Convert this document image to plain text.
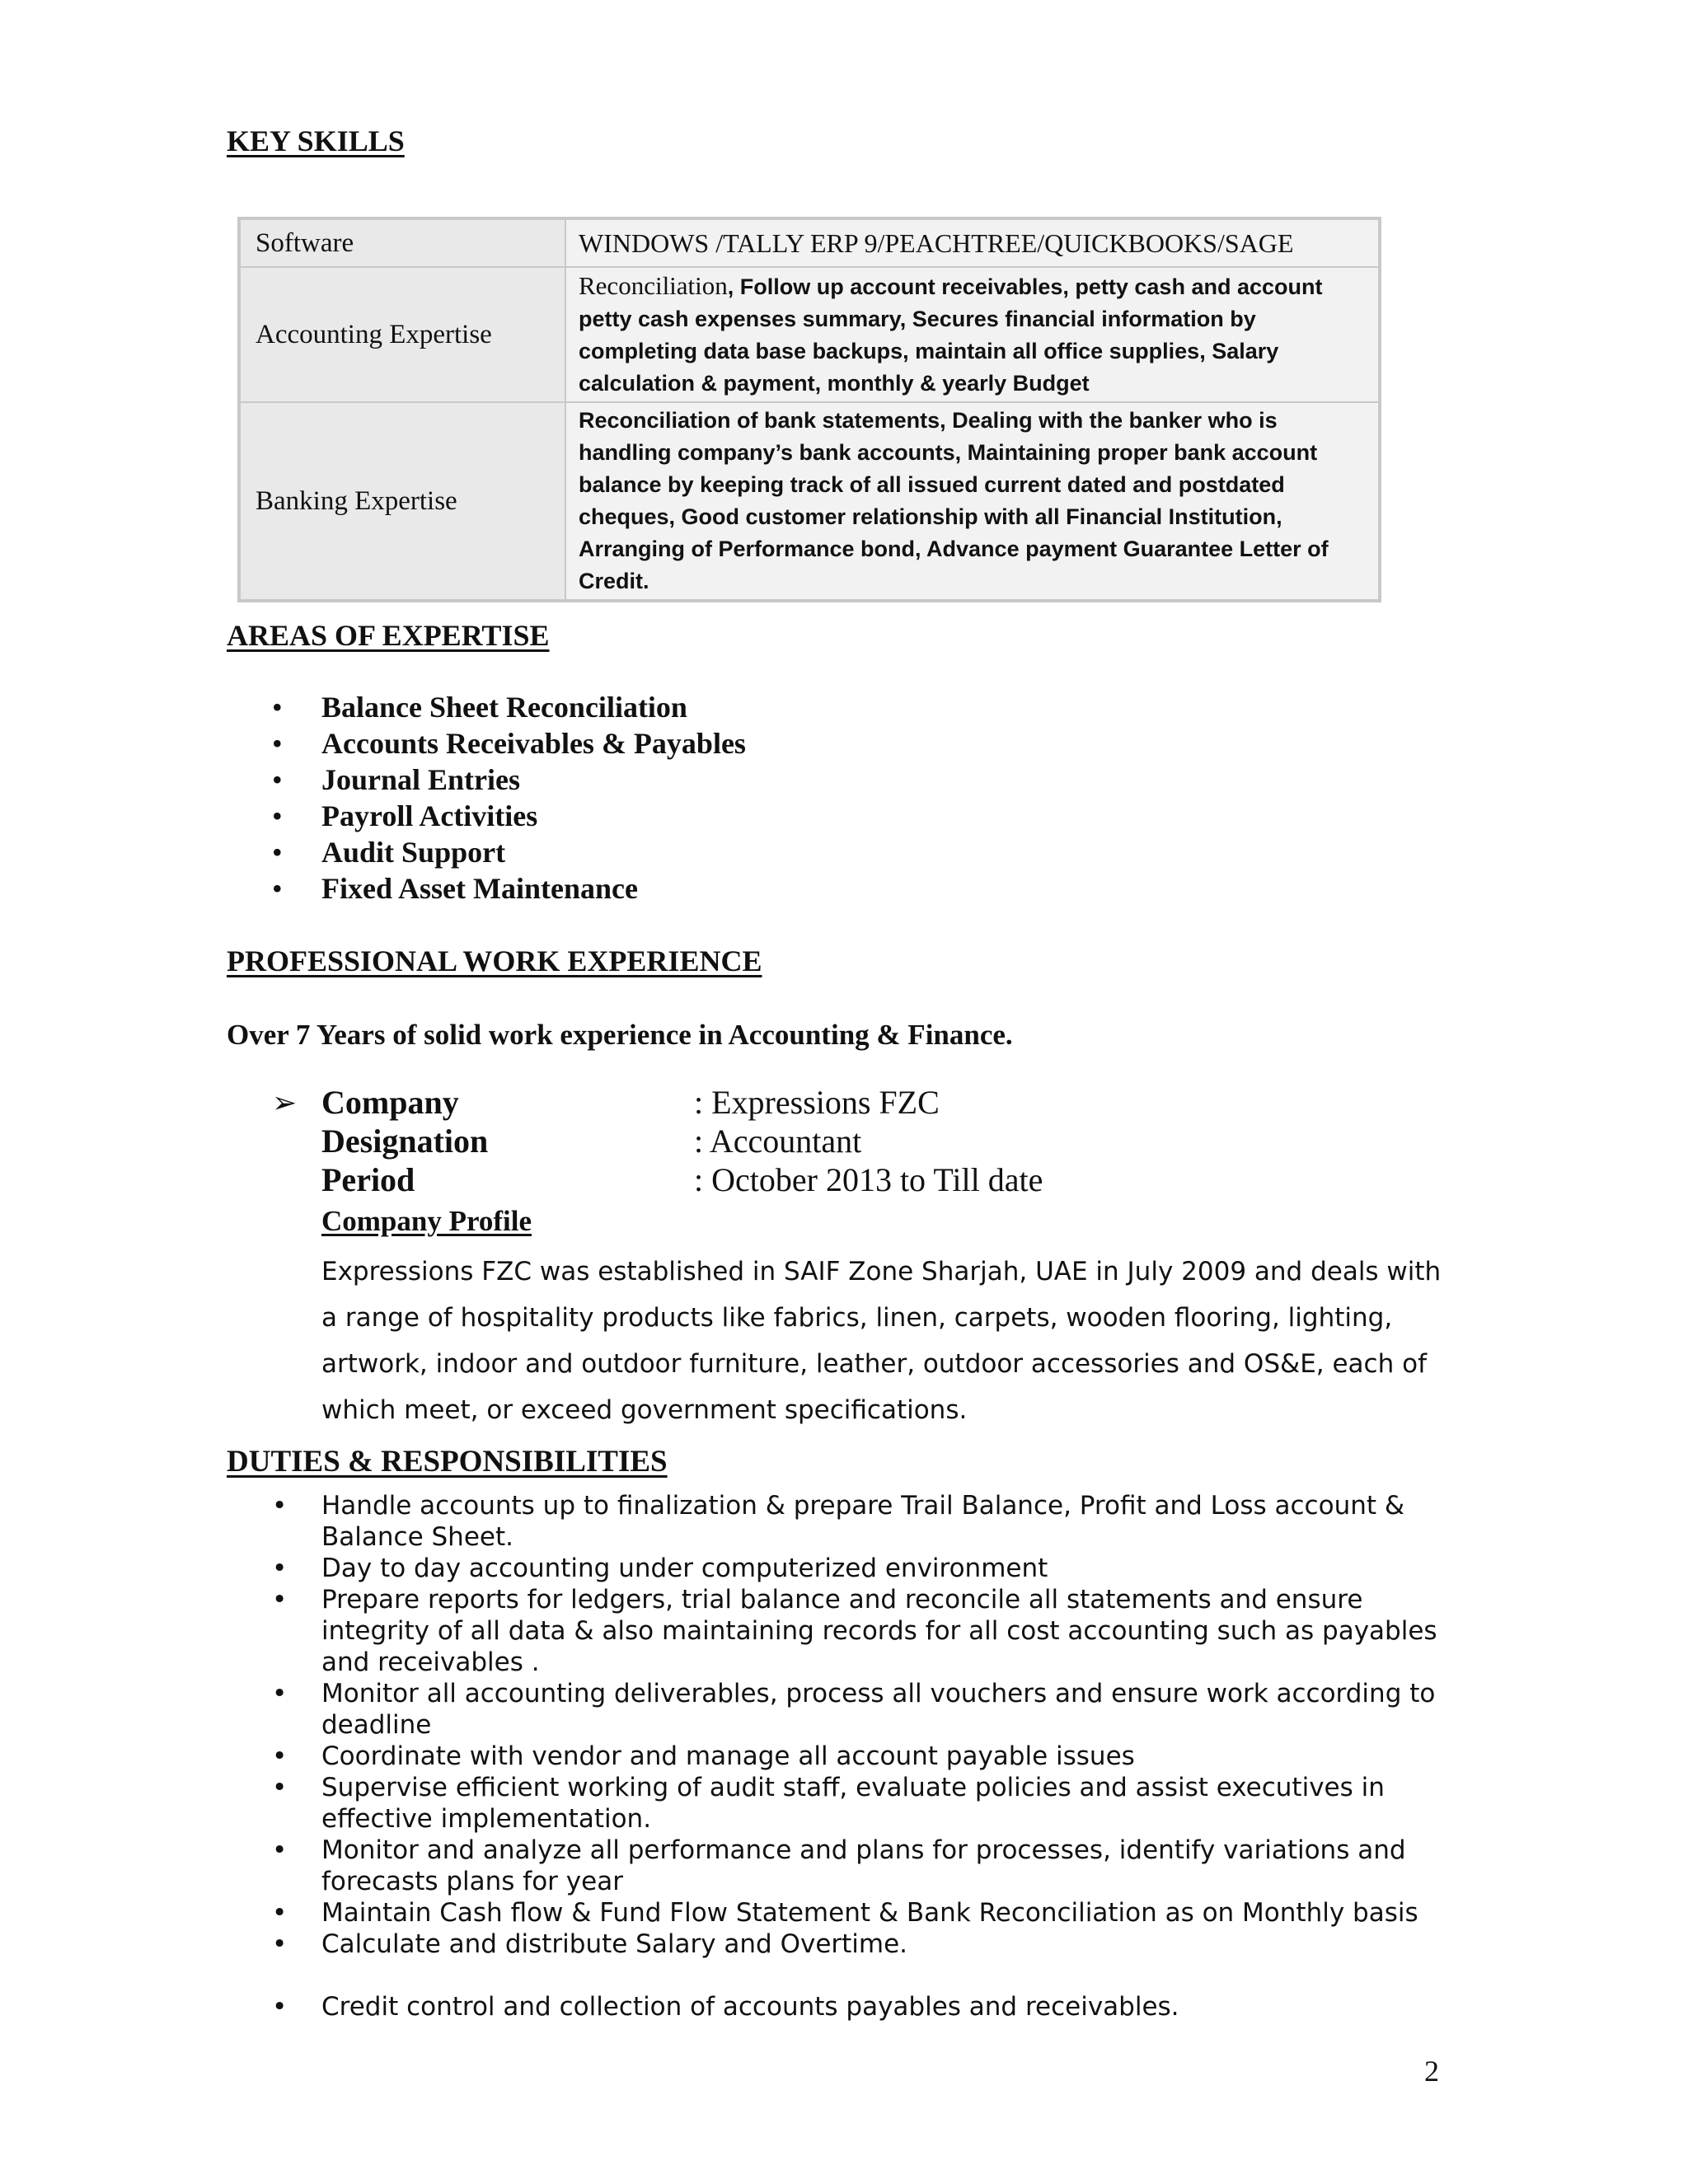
KEY SKILLS
Software	WINDOWS /TALLY ERP 9/PEACHTREE/QUICKBOOKS/SAGE
Accounting Expertise	Reconciliation, Follow up account receivables, petty cash and account petty cash expenses summary, Secures financial information by completing data base backups, maintain all office supplies, Salary calculation & payment, monthly & yearly Budget
Banking Expertise	Reconciliation of bank statements, Dealing with the banker who is handling company’s bank accounts, Maintaining proper bank account balance by keeping track of all issued current dated and postdated cheques, Good customer relationship with all Financial Institution, Arranging of Performance bond, Advance payment Guarantee Letter of Credit.
AREAS OF EXPERTISE
• Balance Sheet Reconciliation
• Accounts Receivables & Payables
• Journal Entries
• Payroll Activities
• Audit Support
• Fixed Asset Maintenance
PROFESSIONAL WORK EXPERIENCE

Over 7 Years of solid work experience in Accounting & Finance.

➢ Company	: Expressions FZC

Designation	: Accountant

Period	: October 2013 to Till date

Company Profile

Expressions FZC was established in SAIF Zone Sharjah, UAE in July 2009 and deals with a range of hospitality products like fabrics, linen, carpets, wooden flooring, lighting, artwork, indoor and outdoor furniture, leather, outdoor accessories and OS&E, each of which meet, or exceed government specifications.

DUTIES & RESPONSIBILITIES
• Handle accounts up to finalization & prepare Trail Balance, Profit and Loss account & Balance Sheet.
• Day to day accounting under computerized environment
• Prepare reports for ledgers, trial balance and reconcile all statements and ensure integrity of all data & also maintaining records for all cost accounting such as payables and receivables .
• Monitor all accounting deliverables, process all vouchers and ensure work according to deadline
• Coordinate with vendor and manage all account payable issues
• Supervise efficient working of audit staff, evaluate policies and assist executives in effective implementation.
• Monitor and analyze all performance and plans for processes, identify variations and forecasts plans for year
• Maintain Cash flow & Fund Flow Statement & Bank Reconciliation as on Monthly basis
• Calculate and distribute Salary and Overtime.
• Credit control and collection of accounts payables and receivables.

2
